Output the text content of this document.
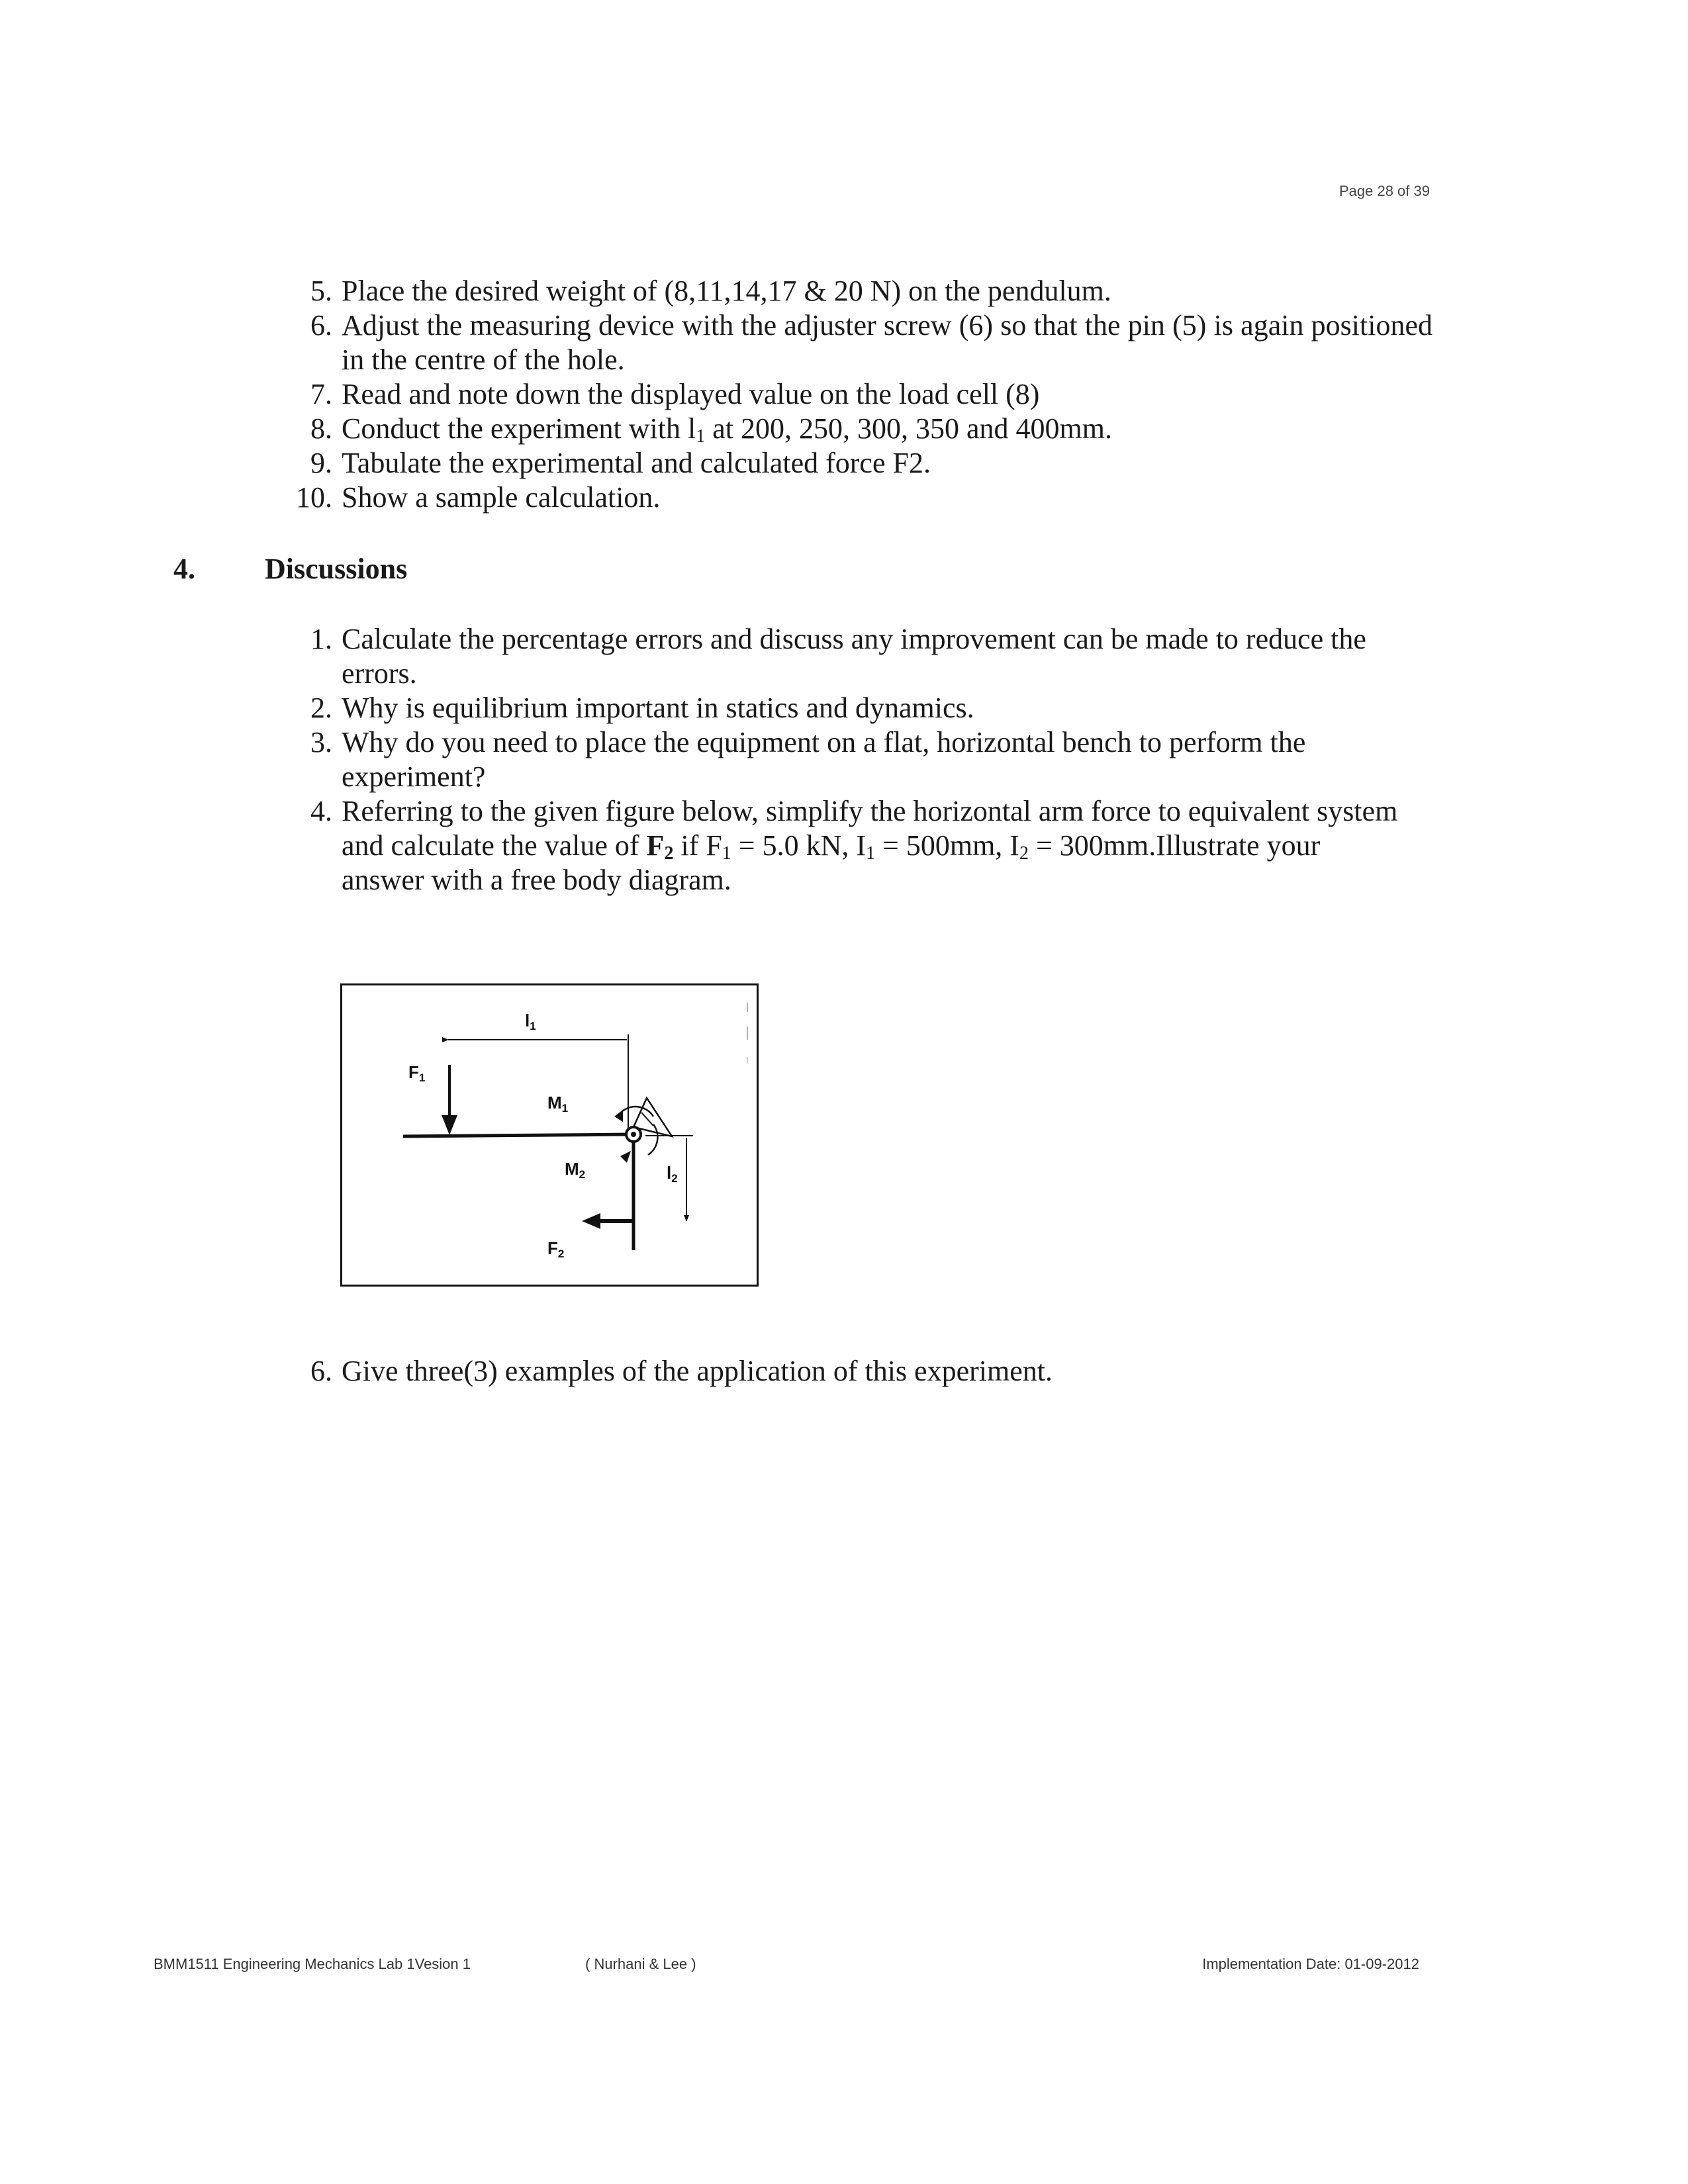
Page 28 of 39
5. Place the desired weight of (8,11,14,17 & 20 N) on the pendulum.
6. Adjust the measuring device with the adjuster screw (6) so that the pin (5) is again positioned in the centre of the hole.
7. Read and note down the displayed value on the load cell (8)
8. Conduct the experiment with $l_1$ at 200, 250, 300, 350 and 400mm.
9. Tabulate the experimental and calculated force F2.
10. Show a sample calculation.
4. Discussions
1. Calculate the percentage errors and discuss any improvement can be made to reduce the errors.
2. Why is equilibrium important in statics and dynamics.
3. Why do you need to place the equipment on a flat, horizontal bench to perform the experiment?
4. Referring to the given figure below, simplify the horizontal arm force to equivalent system and calculate the value of $F_2$ if $F_1 = 5.0$ kN, $I_1 = 500mm$, $I_2$ = 300mm.Illustrate your answer with a free body diagram.
l1
F1
M1
M2	l2
F2
6. Give three(3) examples of the application of this experiment.
BMM1511 Engineering Mechanics Lab 1Vesion 1	( Nurhani & Lee )	Implementation Date: 01-09-2012
